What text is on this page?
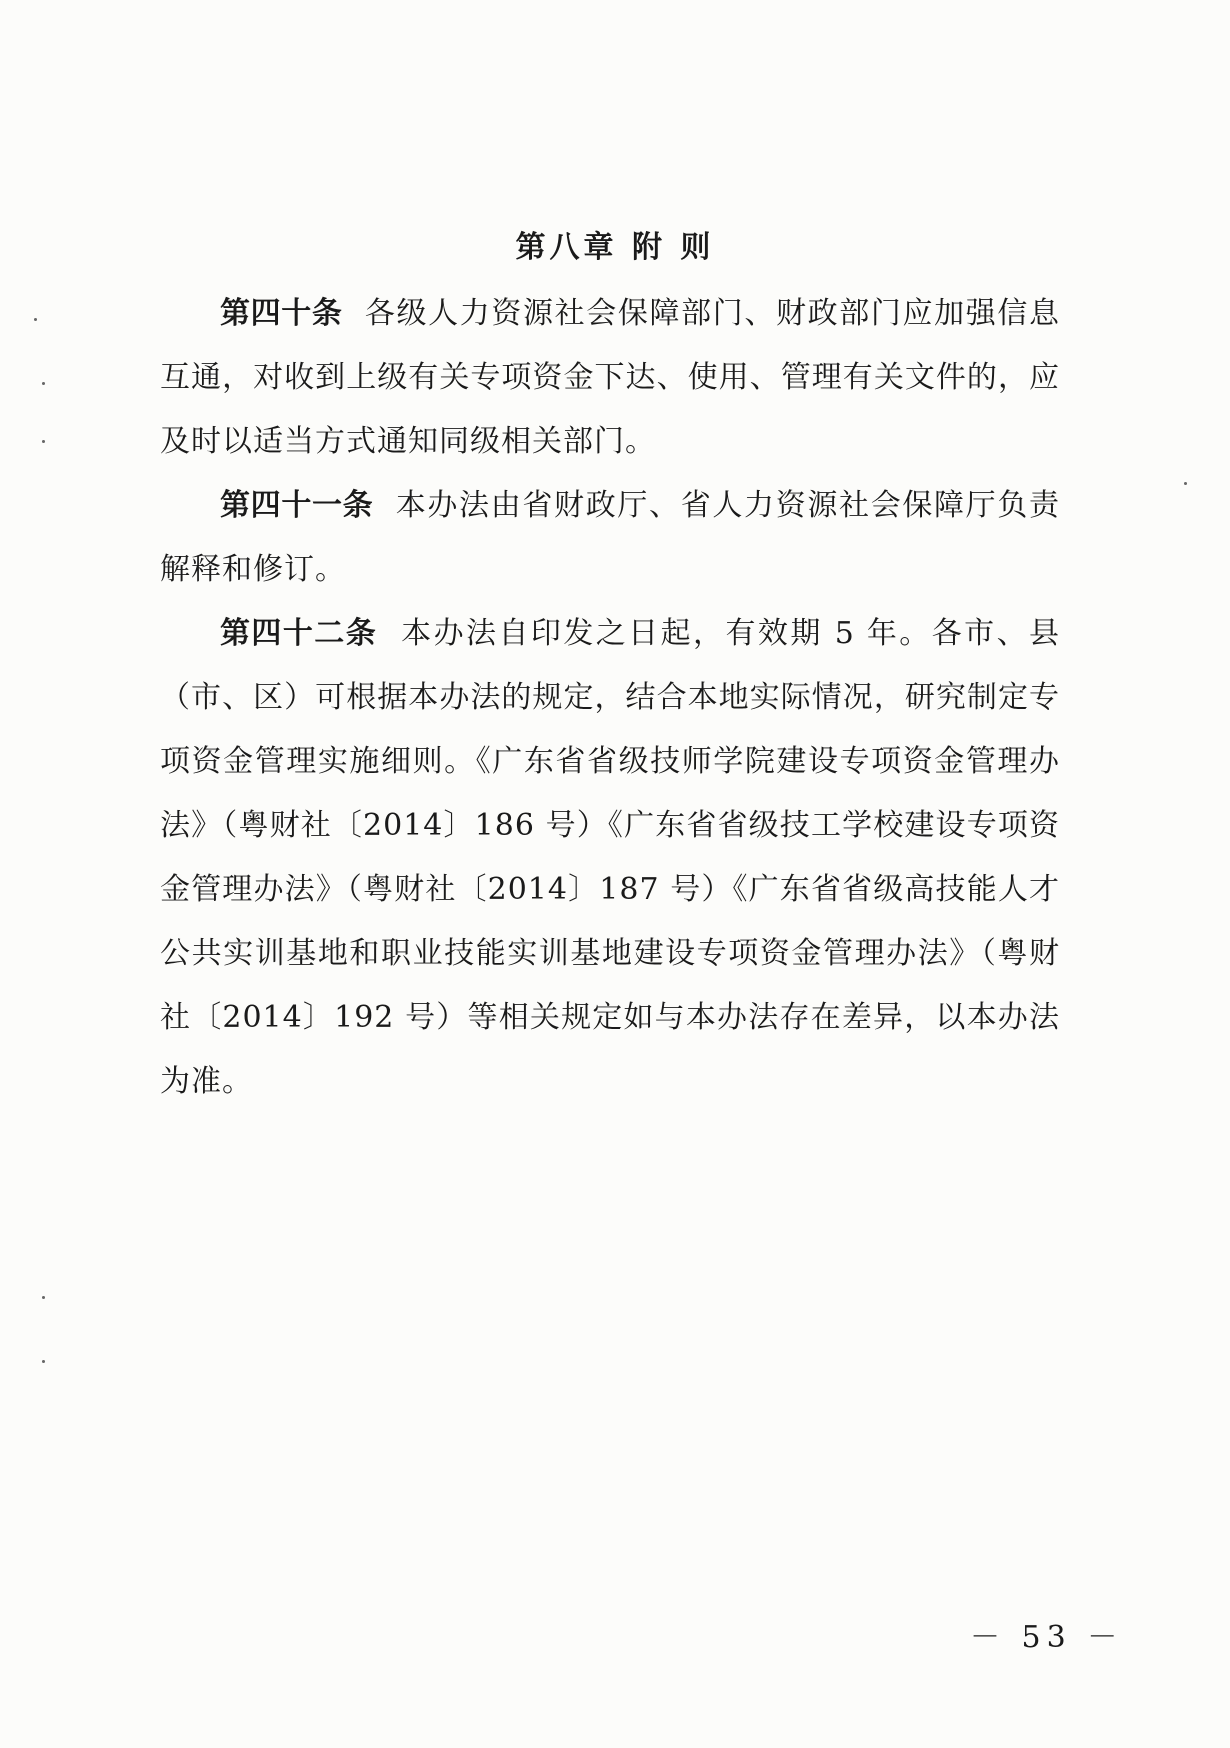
第八章 附 则

第四十条 各级人力资源社会保障部门、财政部门应加强信息互通，对收到上级有关专项资金下达、使用、管理有关文件的，应及时以适当方式通知同级相关部门。

第四十一条 本办法由省财政厅、省人力资源社会保障厅负责解释和修订。

第四十二条 本办法自印发之日起，有效期 5 年。各市、县（市、区）可根据本办法的规定，结合本地实际情况，研究制定专项资金管理实施细则。《广东省省级技师学院建设专项资金管理办法》（粤财社〔2014〕186 号）《广东省省级技工学校建设专项资金管理办法》（粤财社〔2014〕187 号）《广东省省级高技能人才公共实训基地和职业技能实训基地建设专项资金管理办法》（粤财社〔2014〕192 号）等相关规定如与本办法存在差异，以本办法为准。

－ 53 －
